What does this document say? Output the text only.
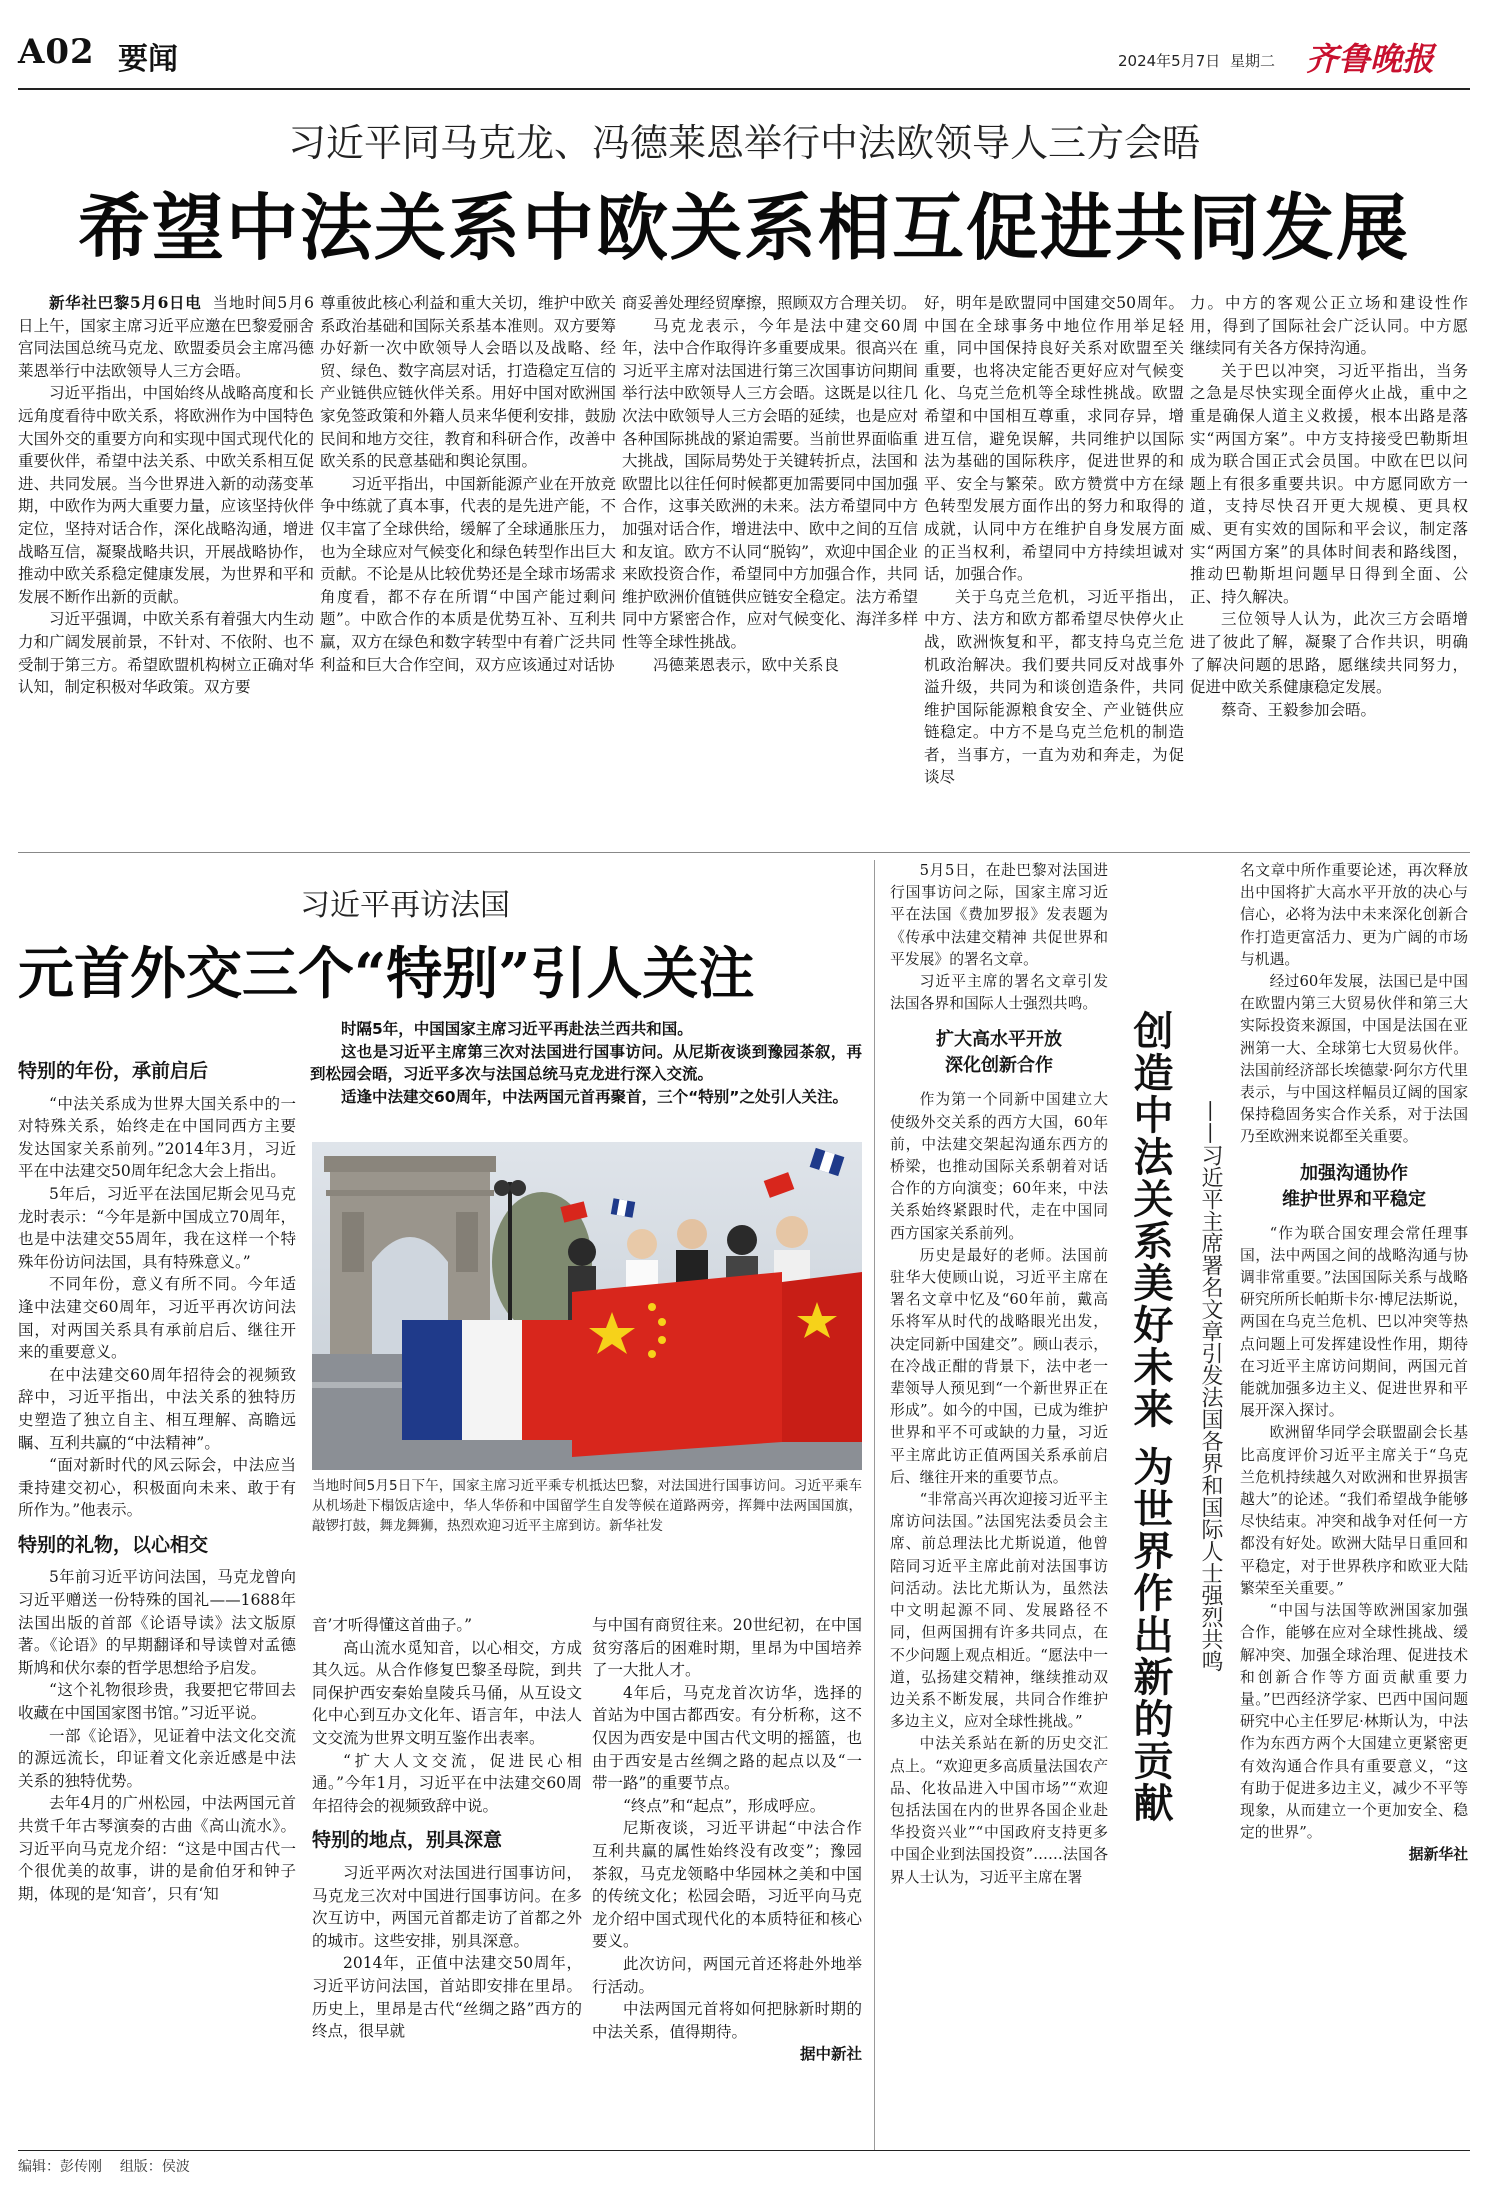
A02 要闻	2024年5月7日 星期二 齐鲁晚报
习近平同马克龙、冯德莱恩举行中法欧领导人三方会晤
希望中法关系中欧关系相互促进共同发展

新华社巴黎5月6日电 当地时间5月6日上午，国家主席习近平应邀在巴黎爱丽舍宫同法国总统马克龙、欧盟委员会主席冯德莱恩举行中法欧领导人三方会晤。

习近平指出，中国始终从战略高度和长远角度看待中欧关系，将欧洲作为中国特色大国外交的重要方向和实现中国式现代化的重要伙伴，希望中法关系、中欧关系相互促进、共同发展。当今世界进入新的动荡变革期，中欧作为两大重要力量，应该坚持伙伴定位，坚持对话合作，深化战略沟通，增进战略互信，凝聚战略共识，开展战略协作，推动中欧关系稳定健康发展，为世界和平和发展不断作出新的贡献。

习近平强调，中欧关系有着强大内生动力和广阔发展前景，不针对、不依附、也不受制于第三方。希望欧盟机构树立正确对华认知，制定积极对华政策。双方要

尊重彼此核心利益和重大关切，维护中欧关系政治基础和国际关系基本准则。双方要筹办好新一次中欧领导人会晤以及战略、经贸、绿色、数字高层对话，打造稳定互信的产业链供应链伙伴关系。用好中国对欧洲国家免签政策和外籍人员来华便利安排，鼓励民间和地方交往，教育和科研合作，改善中欧关系的民意基础和舆论氛围。

习近平指出，中国新能源产业在开放竞争中练就了真本事，代表的是先进产能，不仅丰富了全球供给，缓解了全球通胀压力，也为全球应对气候变化和绿色转型作出巨大贡献。不论是从比较优势还是全球市场需求角度看，都不存在所谓“中国产能过剩问题”。中欧合作的本质是优势互补、互利共赢，双方在绿色和数字转型中有着广泛共同利益和巨大合作空间，双方应该通过对话协

商妥善处理经贸摩擦，照顾双方合理关切。

马克龙表示，今年是法中建交60周年，法中合作取得许多重要成果。很高兴在习近平主席对法国进行第三次国事访问期间举行法中欧领导人三方会晤。这既是以往几次法中欧领导人三方会晤的延续，也是应对各种国际挑战的紧迫需要。当前世界面临重大挑战，国际局势处于关键转折点，法国和欧盟比以往任何时候都更加需要同中国加强合作，这事关欧洲的未来。法方希望同中方加强对话合作，增进法中、欧中之间的互信和友谊。欧方不认同“脱钩”，欢迎中国企业来欧投资合作，希望同中方加强合作，共同维护欧洲价值链供应链安全稳定。法方希望同中方紧密合作，应对气候变化、海洋多样性等全球性挑战。

冯德莱恩表示，欧中关系良

好，明年是欧盟同中国建交50周年。中国在全球事务中地位作用举足轻重，同中国保持良好关系对欧盟至关重要，也将决定能否更好应对气候变化、乌克兰危机等全球性挑战。欧盟希望和中国相互尊重，求同存异，增进互信，避免误解，共同维护以国际法为基础的国际秩序，促进世界的和平、安全与繁荣。欧方赞赏中方在绿色转型发展方面作出的努力和取得的成就，认同中方在维护自身发展方面的正当权利，希望同中方持续坦诚对话，加强合作。

关于乌克兰危机，习近平指出，中方、法方和欧方都希望尽快停火止战，欧洲恢复和平，都支持乌克兰危机政治解决。我们要共同反对战事外溢升级，共同为和谈创造条件，共同维护国际能源粮食安全、产业链供应链稳定。中方不是乌克兰危机的制造者，当事方，一直为劝和奔走，为促谈尽

力。中方的客观公正立场和建设性作用，得到了国际社会广泛认同。中方愿继续同有关各方保持沟通。

关于巴以冲突，习近平指出，当务之急是尽快实现全面停火止战，重中之重是确保人道主义救援，根本出路是落实“两国方案”。中方支持接受巴勒斯坦成为联合国正式会员国。中欧在巴以问题上有很多重要共识。中方愿同欧方一道，支持尽快召开更大规模、更具权威、更有实效的国际和平会议，制定落实“两国方案”的具体时间表和路线图，推动巴勒斯坦问题早日得到全面、公正、持久解决。

三位领导人认为，此次三方会晤增进了彼此了解，凝聚了合作共识，明确了解决问题的思路，愿继续共同努力，促进中欧关系健康稳定发展。

蔡奇、王毅参加会晤。

习近平再访法国
元首外交三个“特别”引人关注

时隔5年，中国国家主席习近平再赴法兰西共和国。

这也是习近平主席第三次对法国进行国事访问。从尼斯夜谈到豫园茶叙，再到松园会晤，习近平多次与法国总统马克龙进行深入交流。

适逢中法建交60周年，中法两国元首再聚首，三个“特别”之处引人关注。

当地时间5月5日下午，国家主席习近平乘专机抵达巴黎，对法国进行国事访问。习近平乘车从机场赴下榻饭店途中，华人华侨和中国留学生自发等候在道路两旁，挥舞中法两国国旗，敲锣打鼓，舞龙舞狮，热烈欢迎习近平主席到访。新华社发
特别的年份，承前启后

“中法关系成为世界大国关系中的一对特殊关系，始终走在中国同西方主要发达国家关系前列。”2014年3月，习近平在中法建交50周年纪念大会上指出。

5年后，习近平在法国尼斯会见马克龙时表示：“今年是新中国成立70周年，也是中法建交55周年，我在这样一个特殊年份访问法国，具有特殊意义。”

不同年份，意义有所不同。今年适逢中法建交60周年，习近平再次访问法国，对两国关系具有承前启后、继往开来的重要意义。

在中法建交60周年招待会的视频致辞中，习近平指出，中法关系的独特历史塑造了独立自主、相互理解、高瞻远瞩、互利共赢的“中法精神”。

“面对新时代的风云际会，中法应当秉持建交初心，积极面向未来、敢于有所作为。”他表示。

特别的礼物，以心相交

5年前习近平访问法国，马克龙曾向习近平赠送一份特殊的国礼——1688年法国出版的首部《论语导读》法文版原著。《论语》的早期翻译和导读曾对孟德斯鸠和伏尔泰的哲学思想给予启发。

“这个礼物很珍贵，我要把它带回去收藏在中国国家图书馆。”习近平说。

一部《论语》，见证着中法文化交流的源远流长，印证着文化亲近感是中法关系的独特优势。

去年4月的广州松园，中法两国元首共赏千年古琴演奏的古曲《高山流水》。习近平向马克龙介绍：“这是中国古代一个很优美的故事，讲的是俞伯牙和钟子期，体现的是‘知音’，只有‘知

音’才听得懂这首曲子。”

高山流水觅知音，以心相交，方成其久远。从合作修复巴黎圣母院，到共同保护西安秦始皇陵兵马俑，从互设文化中心到互办文化年、语言年，中法人文交流为世界文明互鉴作出表率。

“扩大人文交流，促进民心相通。”今年1月，习近平在中法建交60周年招待会的视频致辞中说。

特别的地点，别具深意

习近平两次对法国进行国事访问，马克龙三次对中国进行国事访问。在多次互访中，两国元首都走访了首都之外的城市。这些安排，别具深意。

2014年，正值中法建交50周年，习近平访问法国，首站即安排在里昂。历史上，里昂是古代“丝绸之路”西方的终点，很早就

与中国有商贸往来。20世纪初，在中国贫穷落后的困难时期，里昂为中国培养了一大批人才。

4年后，马克龙首次访华，选择的首站为中国古都西安。有分析称，这不仅因为西安是中国古代文明的摇篮，也由于西安是古丝绸之路的起点以及“一带一路”的重要节点。

“终点”和“起点”，形成呼应。

尼斯夜谈，习近平讲起“中法合作互利共赢的属性始终没有改变”；豫园茶叙，马克龙领略中华园林之美和中国的传统文化；松园会晤，习近平向马克龙介绍中国式现代化的本质特征和核心要义。

此次访问，两国元首还将赴外地举行活动。

中法两国元首将如何把脉新时期的中法关系，值得期待。

据中新社

创造中法关系美好未来 为世界作出新的贡献	——习近平主席署名文章引发法国各界和国际人士强烈共鸣

5月5日，在赴巴黎对法国进行国事访问之际，国家主席习近平在法国《费加罗报》发表题为《传承中法建交精神 共促世界和平发展》的署名文章。

习近平主席的署名文章引发法国各界和国际人士强烈共鸣。

扩大高水平开放
深化创新合作

作为第一个同新中国建立大使级外交关系的西方大国，60年前，中法建交架起沟通东西方的桥梁，也推动国际关系朝着对话合作的方向演变；60年来，中法关系始终紧跟时代，走在中国同西方国家关系前列。

历史是最好的老师。法国前驻华大使顾山说，习近平主席在署名文章中忆及“60年前，戴高乐将军从时代的战略眼光出发，决定同新中国建交”。顾山表示，在冷战正酣的背景下，法中老一辈领导人预见到“一个新世界正在形成”。如今的中国，已成为维护世界和平不可或缺的力量，习近平主席此访正值两国关系承前启后、继往开来的重要节点。

“非常高兴再次迎接习近平主席访问法国。”法国宪法委员会主席、前总理法比尤斯说道，他曾陪同习近平主席此前对法国事访问活动。法比尤斯认为，虽然法中文明起源不同、发展路径不同，但两国拥有许多共同点，在不少问题上观点相近。“愿法中一道，弘扬建交精神，继续推动双边关系不断发展，共同合作维护多边主义，应对全球性挑战。”

中法关系站在新的历史交汇点上。“欢迎更多高质量法国农产品、化妆品进入中国市场”“欢迎包括法国在内的世界各国企业赴华投资兴业”“中国政府支持更多中国企业到法国投资”……法国各界人士认为，习近平主席在署

名文章中所作重要论述，再次释放出中国将扩大高水平开放的决心与信心，必将为法中未来深化创新合作打造更富活力、更为广阔的市场与机遇。

经过60年发展，法国已是中国在欧盟内第三大贸易伙伴和第三大实际投资来源国，中国是法国在亚洲第一大、全球第七大贸易伙伴。法国前经济部长埃德蒙·阿尔方代里表示，与中国这样幅员辽阔的国家保持稳固务实合作关系，对于法国乃至欧洲来说都至关重要。

加强沟通协作
维护世界和平稳定

“作为联合国安理会常任理事国，法中两国之间的战略沟通与协调非常重要。”法国国际关系与战略研究所所长帕斯卡尔·博尼法斯说，两国在乌克兰危机、巴以冲突等热点问题上可发挥建设性作用，期待在习近平主席访问期间，两国元首能就加强多边主义、促进世界和平展开深入探讨。

欧洲留华同学会联盟副会长基比高度评价习近平主席关于“乌克兰危机持续越久对欧洲和世界损害越大”的论述。“我们希望战争能够尽快结束。冲突和战争对任何一方都没有好处。欧洲大陆早日重回和平稳定，对于世界秩序和欧亚大陆繁荣至关重要。”

“中国与法国等欧洲国家加强合作，能够在应对全球性挑战、缓解冲突、加强全球治理、促进技术和创新合作等方面贡献重要力量。”巴西经济学家、巴西中国问题研究中心主任罗尼·林斯认为，中法作为东西方两个大国建立更紧密更有效沟通合作具有重要意义，“这有助于促进多边主义，减少不平等现象，从而建立一个更加安全、稳定的世界”。

据新华社

编辑：彭传刚 组版：侯波
